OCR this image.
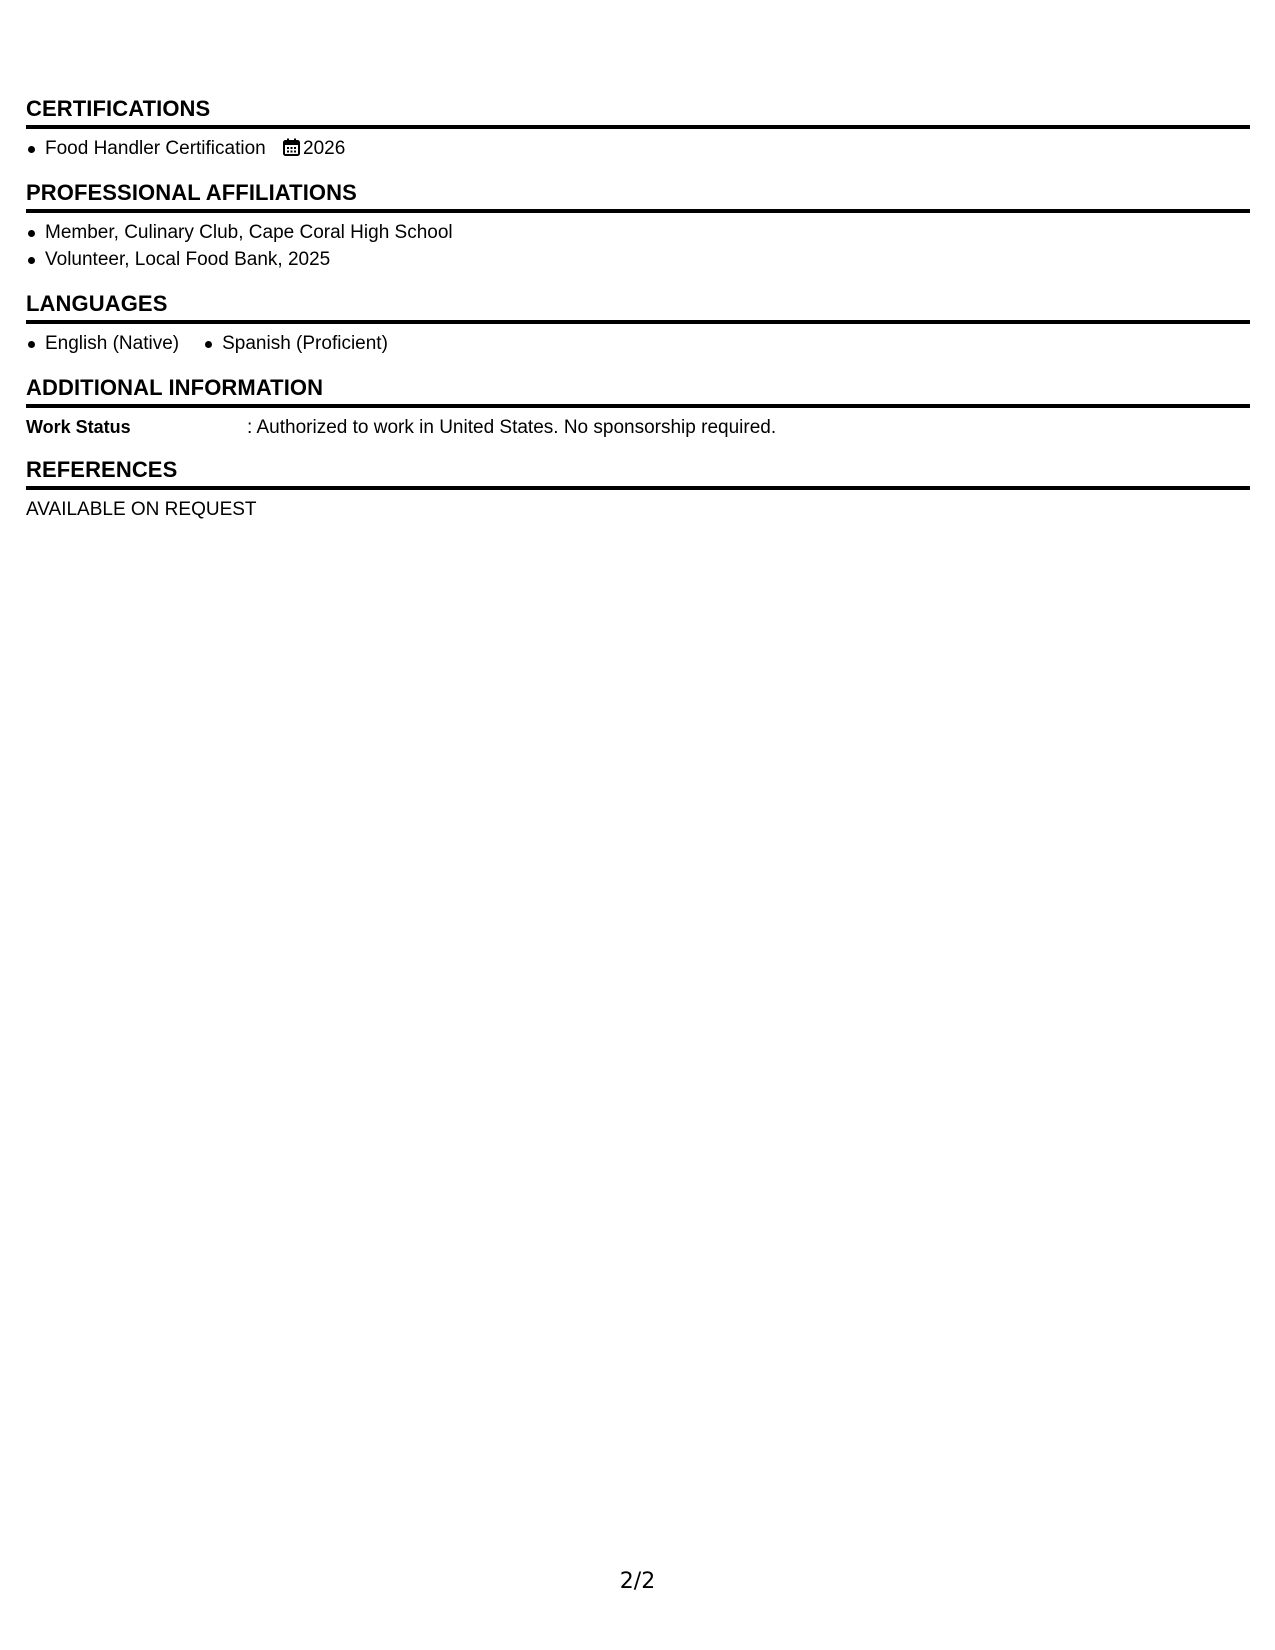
CERTIFICATIONS
Food Handler Certification 2026
PROFESSIONAL AFFILIATIONS
Member, Culinary Club, Cape Coral High School
Volunteer, Local Food Bank, 2025
LANGUAGES
English (Native)	Spanish (Proficient)
ADDITIONAL INFORMATION
Work Status	: Authorized to work in United States. No sponsorship required.
REFERENCES
AVAILABLE ON REQUEST
2/2
